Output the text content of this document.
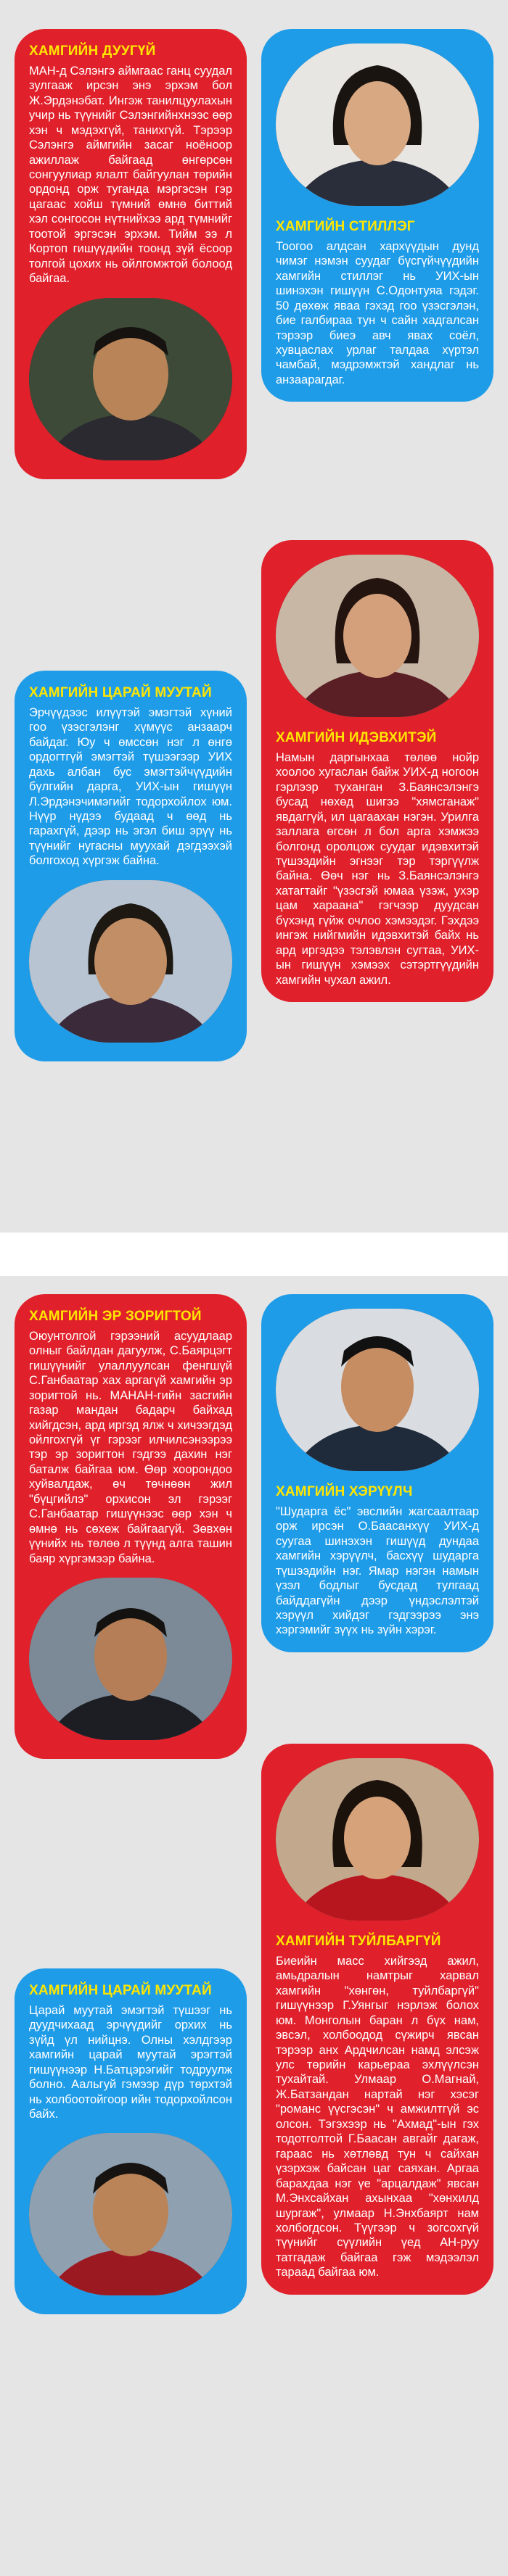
ХАМГИЙН ДУУГҮЙ

МАН-д Сэлэнгэ аймгаас ганц суудал зулгааж ирсэн энэ эрхэм бол Ж.Эрдэнэбат. Ингэж танилцуулахын учир нь түүнийг Сэлэнгийнхнээс өөр хэн ч мэдэхгүй, танихгүй. Тэрээр Сэлэнгэ аймгийн засаг ноёноор ажиллаж байгаад өнгөрсөн сонгуулиар ялалт байгуулан төрийн ордонд орж туганда мэргэсэн гэр цагаас хойш түмний өмнө биттий хэл сонгосон нүтнийхээ ард түмнийг тоотой эргэсэн эрхэм. Тийм ээ л Кортоп гишүүдийн тоонд зүй ёсоор толгой цохих нь ойлгомжтой болоод байгаа.

ХАМГИЙН СТИЛЛЭГ

Тоогоо алдсан хархүүдын дунд чимэг нэмэн суудаг бүсгүйчүүдийн хамгийн стиллэг нь УИХ-ын шинэхэн гишүүн С.Одонтуяа гэдэг. 50 дөхөж яваа гэхэд гоо үзэсгэлэн, бие галбираа тун ч сайн хадгалсан тэрээр биеэ авч явах соёл, хувцаслах урлаг талдаа хүртэл чамбай, мэдрэмжтэй хандлаг нь анзаарагдаг.

ХАМГИЙН ЦАРАЙ МУУТАЙ

Эрчүүдээс илүүтэй эмэгтэй хүний гоо үзэсгэлэнг хүмүүс анзаарч байдаг. Юу ч өмссөн нэг л өнгө ордогтгүй эмэгтэй түшээгээр УИХ дахь албан бус эмэгтэйчүүдийн бүлгийн дарга, УИХ-ын гишүүн Л.Эрдэнэчимэгийг тодорхойлох юм. Нүүр нүдээ будаад ч өөд нь гарахгүй, дээр нь эгэл биш эрүү нь түүнийг нугасны муухай дэгдээхэй болгоход хүргэж байна.

ХАМГИЙН ИДЭВХИТЭЙ

Намын даргынхаа төлөө нойр хоолоо хугаслан байж УИХ-д ногоон гэрлээр туханган З.Баянсэлэнгэ бусад нөхөд шигээ "хямсганаж" явдаггүй, ил цагаахан нэгэн. Урилга заллага өгсөн л бол арга хэмжээ болгонд оролцож суудаг идэвхитэй түшээдийн эгнээг тэр тэргүүлж байна. Өөч нэг нь З.Баянсэлэнгэ хатагтайг "үзэсгэй юмаа үзэж, ухэр цам хараана" гэгчээр дуудсан бүхэнд гүйж очлоо хэмээдэг. Гэхдээ ингэж нийгмийн идэвхитэй байх нь ард иргэдээ тэлэвлэн сугтаа, УИХ-ын гишүүн хэмээх сэтэртгүүдийн хамгийн чухал ажил.

ХАМГИЙН ЭР ЗОРИГТОЙ

Оюунтолгой гэрээний асуудлаар олныг байлдан дагуулж, С.Баярцэгт гишүүнийг улаллуулсан фенгшүй С.Ганбаатар хах аргагүй хамгийн эр зоригтой нь. МАНАН-гийн засгийн газар мандан бадарч байхад хийгдсэн, ард иргэд ялж ч хичээгдэд ойлгохгүй үг гэрээг илчилсэнээрээ тэр эр зоригтон гэдгээ дахин нэг баталж байгаа юм. Өөр хоорондоо хуйвалдаж, өч төчнөөн жил "бүцгийлэ" орхисон эл гэрээг С.Ганбаатар гишүүнээс өөр хэн ч өмнө нь сөхөж байгаагүй. Зөвхөн үүнийх нь төлөө л түүнд алга ташин баяр хүргэмээр байна.

ХАМГИЙН ХЭРҮҮЛЧ

"Шударга ёс" эвслийн жагсаалтаар орж ирсэн О.Баасанхүү УИХ-д суугаа шинэхэн гишүүд дундаа хамгийн хэрүүлч, басхүү шударга түшээдийн нэг. Ямар нэгэн намын үзэл бодлыг бусдад тулгаад байддагүйн дээр үндэслэлтэй хэрүүл хийдэг гэдгээрээ энэ хэргэмийг зүүх нь зүйн хэрэг.

ХАМГИЙН ЦАРАЙ МУУТАЙ

Царай муутай эмэгтэй түшээг нь дуудчихаад эрчүүдийг орхих нь зүйд үл нийцнэ. Олны хэлдгээр хамгийн царай муутай эрэгтэй гишүүнээр Н.Батцэрэгийг тодруулж болно. Аальгуй гэмээр дүр төрхтэй нь холбоотойгоор ийн тодорхойлсон байх.

ХАМГИЙН ТУЙЛБАРГҮЙ

Биеийн масс хийгээд ажил, амьдралын намтрыг харвал хамгийн "хөнгөн, туйлбаргүй" гишүүнээр Г.Уянгыг нэрлэж болох юм. Монголын баран л бүх нам, эвсэл, холбоодод сүжирч явсан тэрээр анх Ардчилсан намд элсэж улс төрийн карьераа эхлүүлсэн тухайтай. Улмаар О.Магнай, Ж.Батзандан нартай нэг хэсэг "романс үүсгэсэн" ч амжилтгүй эс олсон. Тэгэхээр нь "Ахмад"-ын гэх тодотголтой Г.Баасан авгайг дагаж, гарааc нь хөтлөвд тун ч сайхан үзэрхэж байсан цаг саяхан. Аргаа барахдаа нэг үе "арцалдаж" явсан М.Энхсайхан ахынхаа "хөнхилд шургаж", улмаар Н.Энхбаярт нам холбогдсон. Түүгээр ч зогсохгүй түүнийг сүүлийн үед АН-руу татгадаж байгаа гэж мэдээлэл тараад байгаа юм.
